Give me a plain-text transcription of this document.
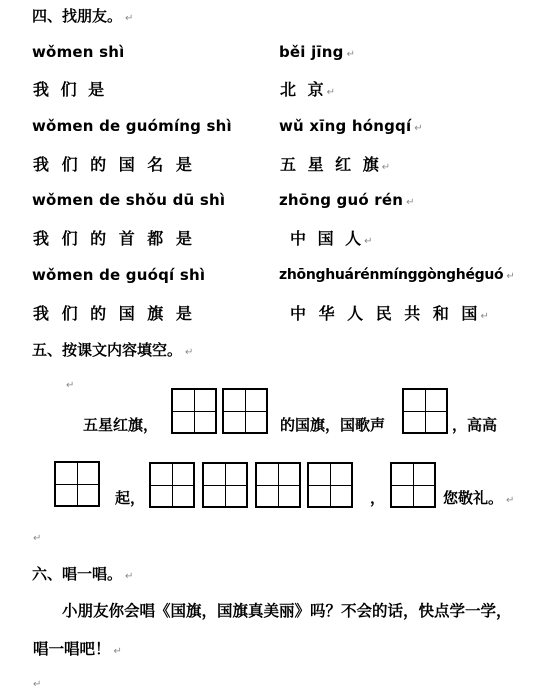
四、找朋友。 ↵
wǒmen shì	běi jīng ↵
我 们 是	北 京 ↵
wǒmen de guómíng shì	wǔ xīng hóngqí ↵
我 们 的 国 名 是	五 星 红 旗 ↵
wǒmen de shǒu dū shì	zhōng guó rén ↵
我 们 的 首 都 是	中 国 人 ↵
wǒmen de guóqí shì	zhōnghuárénmínggònghéguó ↵
我 们 的 国 旗 是	中 华 人 民 共 和 国 ↵
五、按课文内容填空。 ↵
↵
五星红旗，	的国旗，国歌声	，高高
起，	，	您敬礼。 ↵
↵
六、唱一唱。 ↵
小朋友你会唱《国旗，国旗真美丽》吗？不会的话，快点学一学，
唱一唱吧！ ↵
↵
